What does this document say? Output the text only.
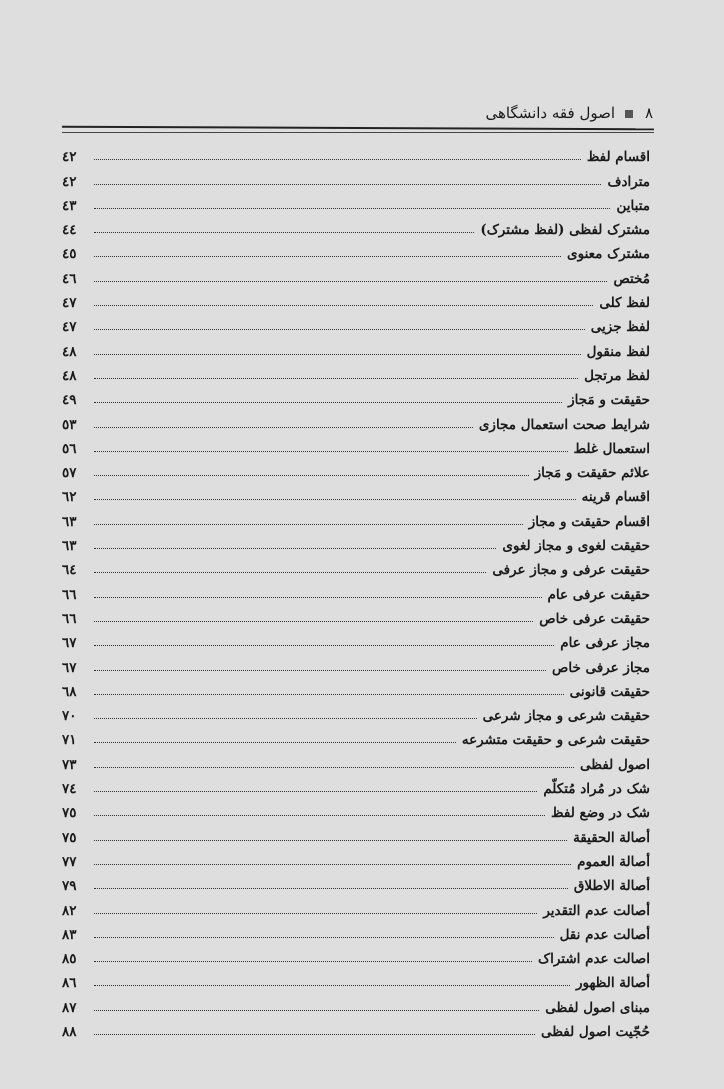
٨
اصول فقه دانشگاهی
اقسام لفظ
٤٢
مترادف
٤٢
متباین
٤٣
مشترک لفظی (لفظ مشترک)
٤٤
مشترک معنوی
٤٥
مُختص
٤٦
لفظ کلی
٤٧
لفظ جزیی
٤٧
لفظ منقول
٤٨
لفظ مرتجل
٤٨
حقیقت و مَجاز
٤٩
شرایط صحت استعمال مجازی
٥٣
استعمال غلط
٥٦
علائم حقیقت و مَجاز
٥٧
اقسام قرینه
٦٢
اقسام حقیقت و مجاز
٦٣
حقیقت لغوی و مجاز لغوی
٦٣
حقیقت عرفی و مجاز عرفی
٦٤
حقیقت عرفی عام
٦٦
حقیقت عرفی خاص
٦٦
مجاز عرفی عام
٦٧
مجاز عرفی خاص
٦٧
حقیقت قانونی
٦٨
حقیقت شرعی و مجاز شرعی
٧٠
حقیقت شرعی و حقیقت متشرعه
٧١
اصول لفظی
٧٣
شک در مُراد مُتکلّم
٧٤
شک در وضع لفظ
٧٥
أصالة الحقیقة
٧٥
أصالة العموم
٧٧
أصالة الاطلاق
٧٩
أصالت عدم التقدیر
٨٢
أصالت عدم نقل
٨٣
اصالت عدم اشتراک
٨٥
أصالة الظهور
٨٦
مبنای اصول لفظی
٨٧
حُجّیت اصول لفظی
٨٨
